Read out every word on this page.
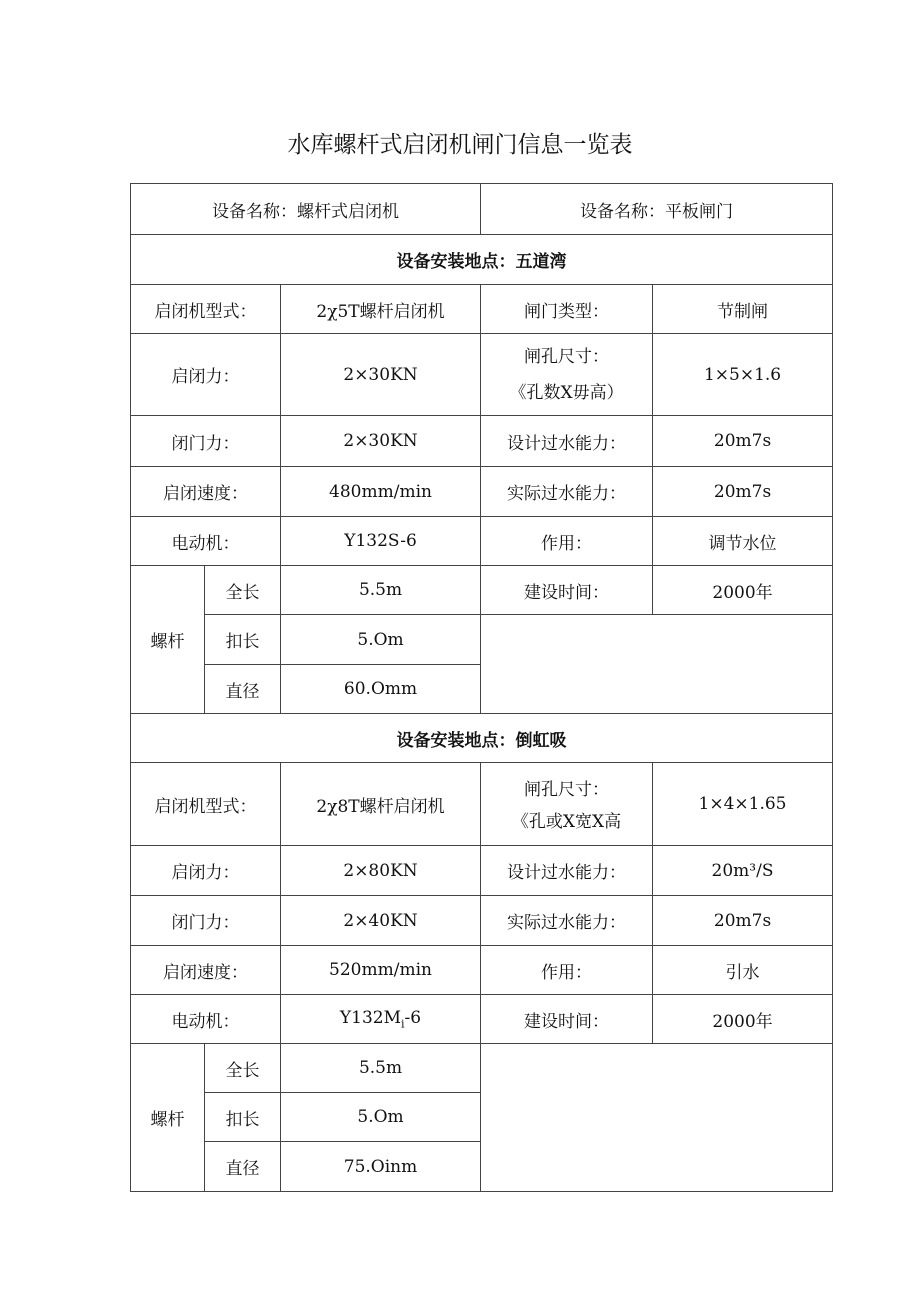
水库螺杆式启闭机闸门信息一览表
设备名称：螺杆式启闭机			设备名称：平板闸门	
设备安装地点：五道湾				
启闭机型式：		2χ5T螺杆启闭机	闸门类型：	节制闸
启闭力：		2×30KN	闸孔尺寸：
《孔数X毋高）	1×5×1.6
闭门力：		2×30KN	设计过水能力：	20m7s
启闭速度：		480mm∕min	实际过水能力：	20m7s
电动机：		Y132S-6	作用：	调节水位
螺杆	全长	5.5m	建设时间：	2000年
	扣长	5.Om		
	直径	60.Omm		
设备安装地点：倒虹吸				
启闭机型式：		2χ8T螺杆启闭机	闸孔尺寸：
《孔或X宽X高	1×4×1.65
启闭力：		2×80KN	设计过水能力：	20m³/S
闭门力：		2×40KN	实际过水能力：	20m7s
启闭速度：		520mm∕min	作用：	引水
电动机：		$Y132M_i-6$	建设时间：	2000年
螺杆	全长	5.5m		
	扣长	5.Om		
	直径	75.Oinm		
